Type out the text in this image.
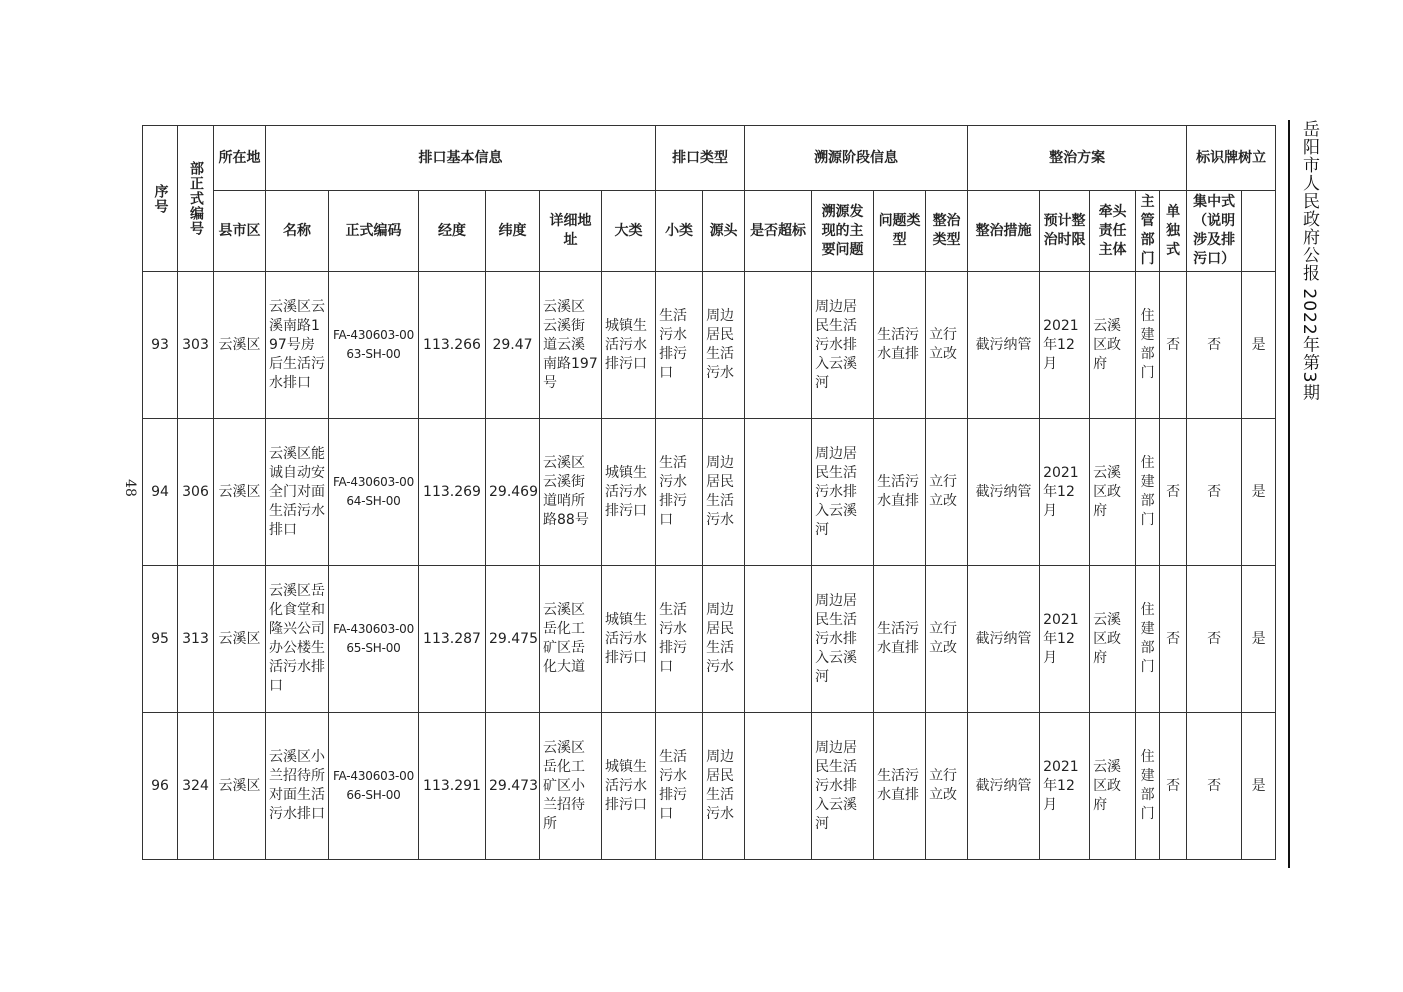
岳阳市人民政府公报 2022年第3期
48
序号	部正式编号	所在地	排口基本信息						排口类型		溯源阶段信息				整治方案					标识牌树立	

		县市区	名称	正式编码	经度	纬度	详细地址	大类	小类	源头	是否超标	溯源发现的主要问题	问题类型	整治类型	整治措施	预计整治时限	牵头责任主体	主管部门	单独式	集中式（说明涉及排污口）		
93	303	云溪区	云溪区云溪南路197号房后生活污水排口	FA-430603-0063-SH-00	113.266	29.47	云溪区云溪街道云溪南路197号	城镇生活污水排污口	生活污水排污口	周边居民生活污水		周边居民生活污水排入云溪河	生活污水直排	立行立改	截污纳管	2021年12月	云溪区政府	住建部门	否	否	是	
94	306	云溪区	云溪区能诚自动安全门对面生活污水排口	FA-430603-0064-SH-00	113.269	29.469	云溪区云溪街道哨所路88号	城镇生活污水排污口	生活污水排污口	周边居民生活污水		周边居民生活污水排入云溪河	生活污水直排	立行立改	截污纳管	2021年12月	云溪区政府	住建部门	否	否	是	
95	313	云溪区	云溪区岳化食堂和隆兴公司办公楼生活污水排口	FA-430603-0065-SH-00	113.287	29.475	云溪区岳化工矿区岳化大道	城镇生活污水排污口	生活污水排污口	周边居民生活污水		周边居民生活污水排入云溪河	生活污水直排	立行立改	截污纳管	2021年12月	云溪区政府	住建部门	否	否	是	
96	324	云溪区	云溪区小兰招待所对面生活污水排口	FA-430603-0066-SH-00	113.291	29.473	云溪区岳化工矿区小兰招待所	城镇生活污水排污口	生活污水排污口	周边居民生活污水		周边居民生活污水排入云溪河	生活污水直排	立行立改	截污纳管	2021年12月	云溪区政府	住建部门	否	否	是	
